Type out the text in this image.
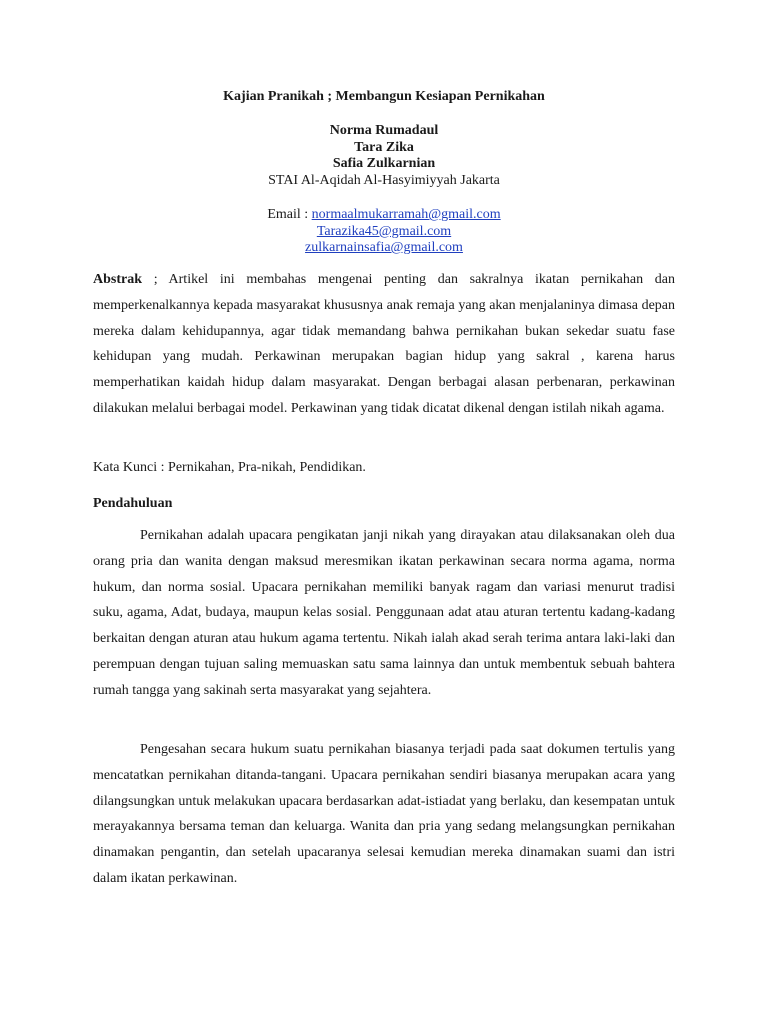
Kajian Pranikah ; Membangun Kesiapan Pernikahan
Norma Rumadaul
Tara Zika
Safia Zulkarnian
STAI Al-Aqidah Al-Hasyimiyyah Jakarta
Email : normaalmukarramah@gmail.com
Tarazika45@gmail.com
zulkarnainsafia@gmail.com
Abstrak ; Artikel ini membahas mengenai penting dan sakralnya ikatan pernikahan dan memperkenalkannya kepada masyarakat khususnya anak remaja yang akan menjalaninya dimasa depan mereka dalam kehidupannya, agar tidak memandang bahwa pernikahan bukan sekedar suatu fase kehidupan yang mudah. Perkawinan merupakan bagian hidup yang sakral , karena harus memperhatikan kaidah hidup dalam masyarakat. Dengan berbagai alasan perbenaran, perkawinan dilakukan melalui berbagai model. Perkawinan yang tidak dicatat dikenal dengan istilah nikah agama.
Kata Kunci : Pernikahan, Pra-nikah, Pendidikan.
Pendahuluan
Pernikahan adalah upacara pengikatan janji nikah yang dirayakan atau dilaksanakan oleh dua orang pria dan wanita dengan maksud meresmikan ikatan perkawinan secara norma agama, norma hukum, dan norma sosial. Upacara pernikahan memiliki banyak ragam dan variasi menurut tradisi suku, agama, Adat, budaya, maupun kelas sosial. Penggunaan adat atau aturan tertentu kadang-kadang berkaitan dengan aturan atau hukum agama tertentu. Nikah ialah akad serah terima antara laki-laki dan perempuan dengan tujuan saling memuaskan satu sama lainnya dan untuk membentuk sebuah bahtera rumah tangga yang sakinah serta masyarakat yang sejahtera.
Pengesahan secara hukum suatu pernikahan biasanya terjadi pada saat dokumen tertulis yang mencatatkan pernikahan ditanda-tangani. Upacara pernikahan sendiri biasanya merupakan acara yang dilangsungkan untuk melakukan upacara berdasarkan adat-istiadat yang berlaku, dan kesempatan untuk merayakannya bersama teman dan keluarga. Wanita dan pria yang sedang melangsungkan pernikahan dinamakan pengantin, dan setelah upacaranya selesai kemudian mereka dinamakan suami dan istri dalam ikatan perkawinan.
